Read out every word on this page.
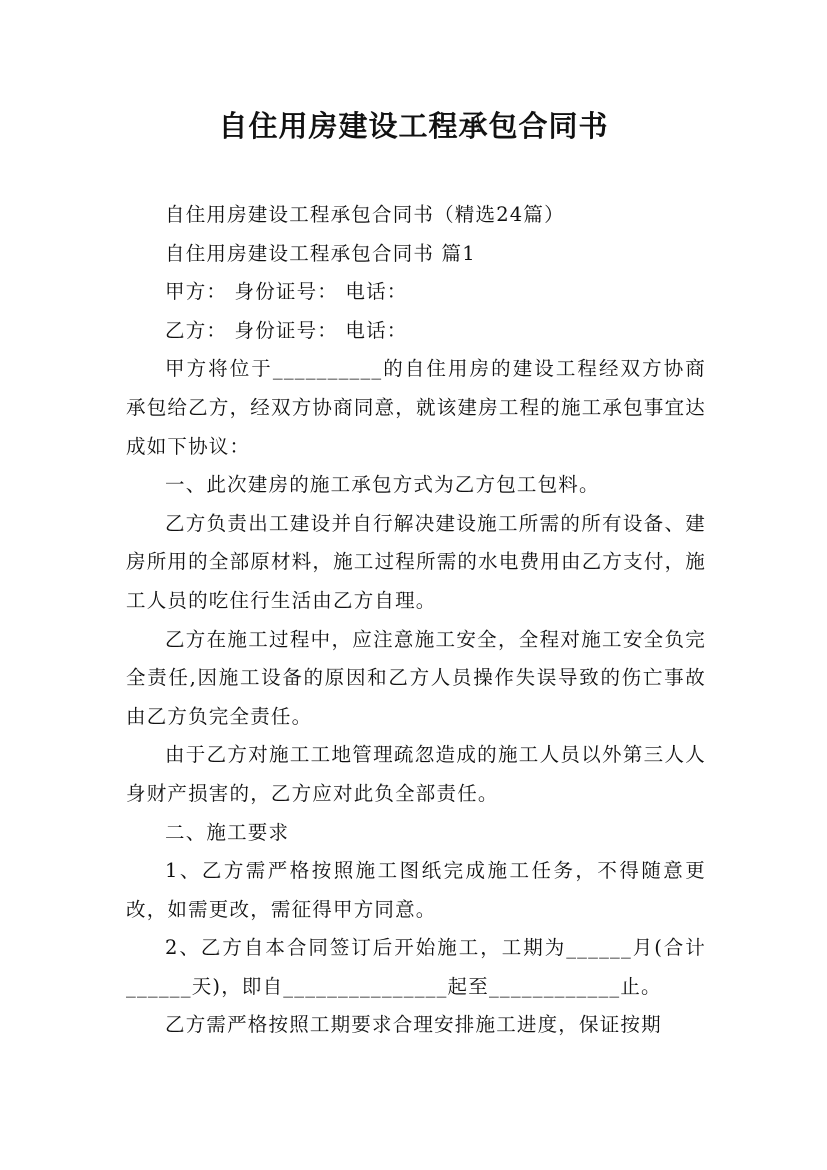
自住用房建设工程承包合同书

自住用房建设工程承包合同书（精选24篇）

自住用房建设工程承包合同书 篇1

甲方： 身份证号： 电话：

乙方： 身份证号： 电话：

甲方将位于__________的自住用房的建设工程经双方协商承包给乙方，经双方协商同意，就该建房工程的施工承包事宜达成如下协议：

一、此次建房的施工承包方式为乙方包工包料。

乙方负责出工建设并自行解决建设施工所需的所有设备、建房所用的全部原材料，施工过程所需的水电费用由乙方支付，施工人员的吃住行生活由乙方自理。

乙方在施工过程中，应注意施工安全，全程对施工安全负完全责任,因施工设备的原因和乙方人员操作失误导致的伤亡事故由乙方负完全责任。

由于乙方对施工工地管理疏忽造成的施工人员以外第三人人身财产损害的，乙方应对此负全部责任。

二、施工要求

1、乙方需严格按照施工图纸完成施工任务，不得随意更改，如需更改，需征得甲方同意。

2、乙方自本合同签订后开始施工，工期为______月(合计______天)，即自_______________起至____________止。

乙方需严格按照工期要求合理安排施工进度，保证按期
